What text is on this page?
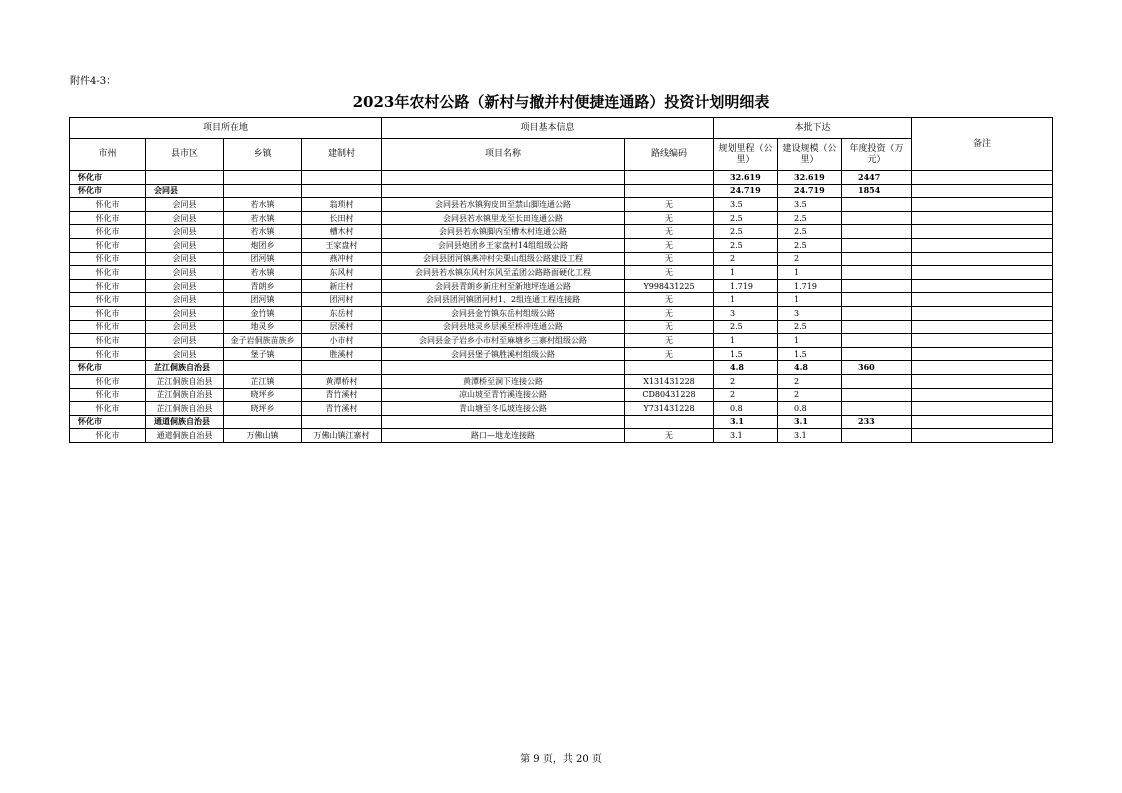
附件4-3：
2023年农村公路（新村与撤并村便捷连通路）投资计划明细表
项目所在地				项目基本信息		本批下达			备注
市州	县市区	乡镇	建制村	项目名称	路线编码	规划里程（公里）	建设规模（公里）	年度投资（万元）	
怀化市						32.619	32.619	2447	
怀化市	会同县					24.719	24.719	1854	
怀化市	会同县	若水镇	翁琐村	会同县若水镇狗皮田至禁山脚连通公路	无	3.5	3.5		
怀化市	会同县	若水镇	长田村	会同县若水镇里龙至长田连通公路	无	2.5	2.5		
怀化市	会同县	若水镇	槽木村	会同县若水镇脚内至槽木村连通公路	无	2.5	2.5		
怀化市	会同县	炮团乡	王家盘村	会同县炮团乡王家盘村14组组级公路	无	2.5	2.5		
怀化市	会同县	团河镇	燕冲村	会同县团河镇燕冲村尖栗山组级公路建设工程	无	2	2		
怀化市	会同县	若水镇	东风村	会同县若水镇东风村东风至孟团公路路面硬化工程	无	1	1		
怀化市	会同县	青朗乡	新庄村	会同县青朗乡新庄村至新地坪连通公路	Y998431225	1.719	1.719		
怀化市	会同县	团河镇	团河村	会同县团河镇团河村1、2组连通工程连接路	无	1	1		
怀化市	会同县	金竹镇	东岳村	会同县金竹镇东岳村组级公路	无	3	3		
怀化市	会同县	地灵乡	层溪村	会同县地灵乡层溪至桥冲连通公路	无	2.5	2.5		
怀化市	会同县	金子岩侗族苗族乡	小市村	会同县金子岩乡小市村至麻塘乡三寨村组级公路	无	1	1		
怀化市	会同县	堡子镇	胜溪村	会同县堡子镇胜溪村组级公路	无	1.5	1.5		
怀化市	芷江侗族自治县					4.8	4.8	360	
怀化市	芷江侗族自治县	芷江镇	黄潭桥村	黄潭桥至洞下连接公路	X131431228	2	2		
怀化市	芷江侗族自治县	晓坪乡	青竹溪村	凉山坡至青竹溪连接公路	CD80431228	2	2		
怀化市	芷江侗族自治县	晓坪乡	青竹溪村	青山塘至冬瓜坡连接公路	Y731431228	0.8	0.8		
怀化市	通道侗族自治县					3.1	3.1	233	
怀化市	通道侗族自治县	万佛山镇	万佛山镇江寨村	路口—地龙连接路	无	3.1	3.1		
第 9 页，共 20 页
